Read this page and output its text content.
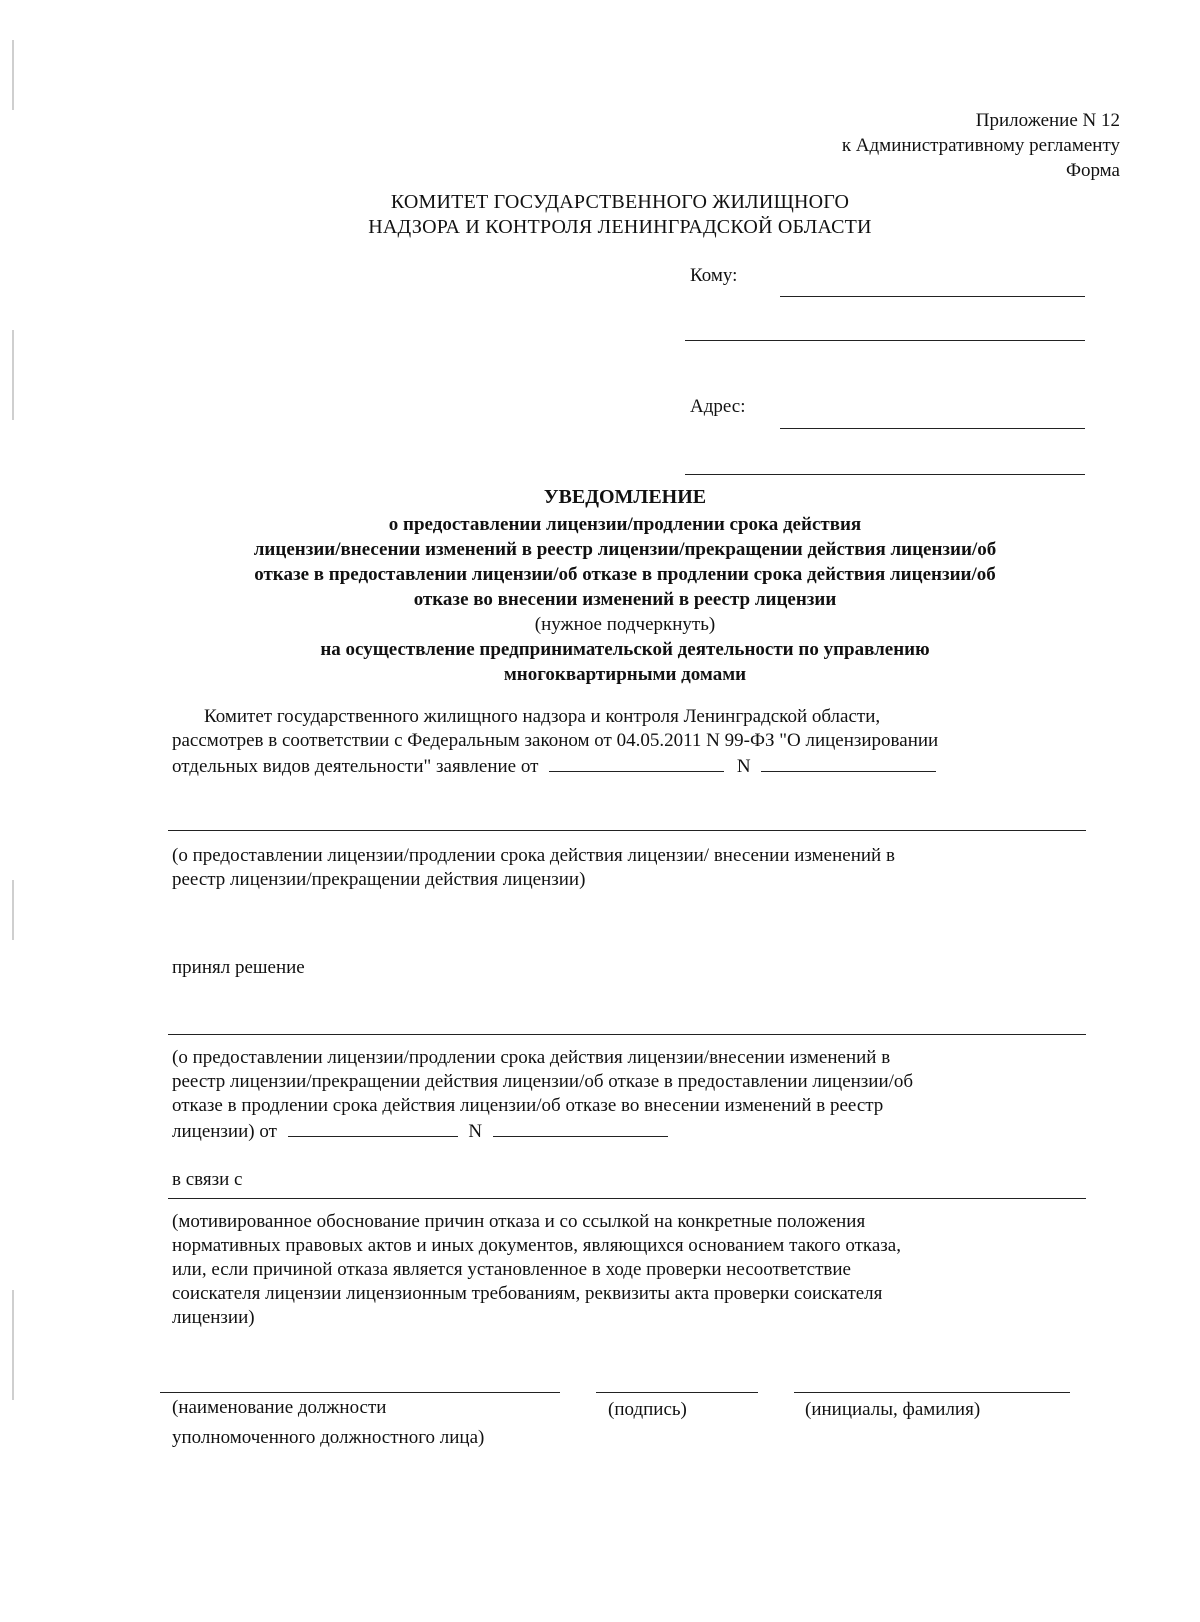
Приложение N 12
к Административному регламенту
Форма
КОМИТЕТ ГОСУДАРСТВЕННОГО ЖИЛИЩНОГО
НАДЗОРА И КОНТРОЛЯ ЛЕНИНГРАДСКОЙ ОБЛАСТИ
Кому:
Адрес:
УВЕДОМЛЕНИЕ
о предоставлении лицензии/продлении срока действия
лицензии/внесении изменений в реестр лицензии/прекращении действия лицензии/об
отказе в предоставлении лицензии/об отказе в продлении срока действия лицензии/об
отказе во внесении изменений в реестр лицензии
(нужное подчеркнуть)
на осуществление предпринимательской деятельности по управлению
многоквартирными домами
Комитет государственного жилищного надзора и контроля Ленинградской области,
рассмотрев в соответствии с Федеральным законом от 04.05.2011 N 99-ФЗ "О лицензировании
отдельных видов деятельности" заявление от	N
(о предоставлении лицензии/продлении срока действия лицензии/ внесении изменений в
реестр лицензии/прекращении действия лицензии)
принял решение
(о предоставлении лицензии/продлении срока действия лицензии/внесении изменений в
реестр лицензии/прекращении действия лицензии/об отказе в предоставлении лицензии/об
отказе в продлении срока действия лицензии/об отказе во внесении изменений в реестр
лицензии) от	N
в связи с
(мотивированное обоснование причин отказа и со ссылкой на конкретные положения
нормативных правовых актов и иных документов, являющихся основанием такого отказа,
или, если причиной отказа является установленное в ходе проверки несоответствие
соискателя лицензии лицензионным требованиям, реквизиты акта проверки соискателя
лицензии)
(наименование должности
уполномоченного должностного лица)
(подпись)	(инициалы, фамилия)
